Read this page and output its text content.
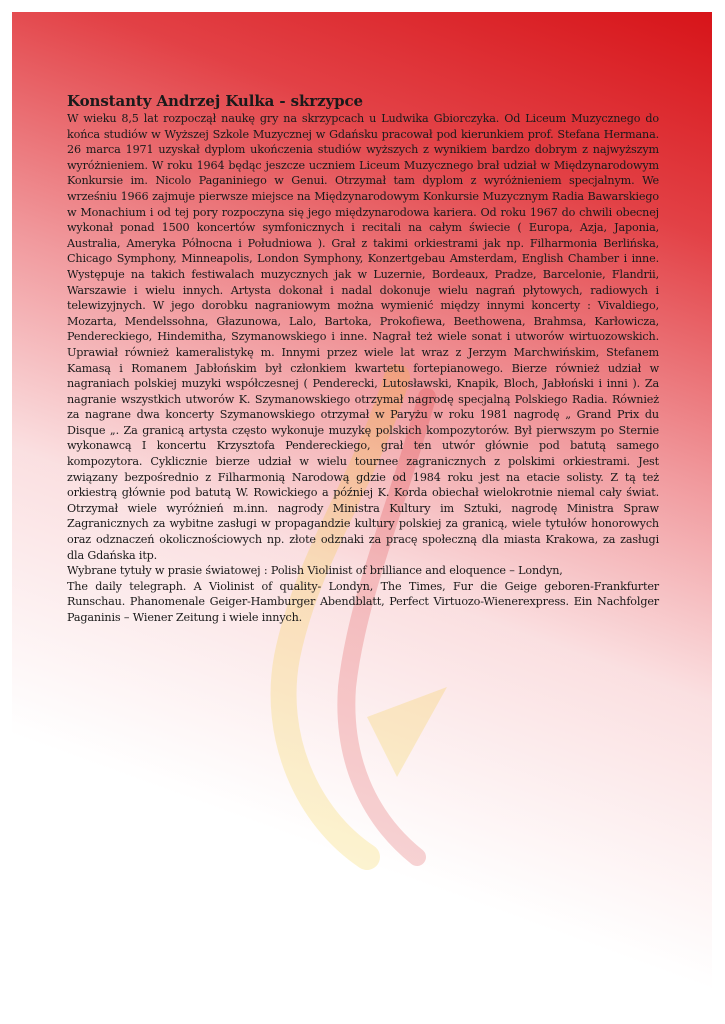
Konstanty Andrzej Kulka - skrzypce

W wieku 8,5 lat rozpoczął naukę gry na skrzypcach u Ludwika Gbiorczyka. Od Liceum Muzycznego do końca studiów w Wyższej Szkole Muzycznej w Gdańsku pracował pod kierunkiem prof. Stefana Hermana. 26 marca 1971 uzyskał dyplom ukończenia studiów wyższych z wynikiem bardzo dobrym z najwyższym wyróżnieniem. W roku 1964 będąc jeszcze uczniem Liceum Muzycznego brał udział w Międzynarodowym Konkursie im. Nicolo Paganiniego w Genui. Otrzymał tam dyplom z wyróżnieniem specjalnym. We wrześniu 1966 zajmuje pierwsze miejsce na Międzynarodowym Konkursie Muzycznym Radia Bawarskiego w Monachium i od tej pory rozpoczyna się jego międzynarodowa kariera. Od roku 1967 do chwili obecnej wykonał ponad 1500 koncertów symfonicznych i recitali na całym świecie ( Europa, Azja, Japonia, Australia, Ameryka Północna i Południowa ). Grał z takimi orkiestrami jak np. Filharmonia Berlińska, Chicago Symphony, Minneapolis, London Symphony, Konzertgebau Amsterdam, English Chamber i inne. Występuje na takich festiwalach muzycznych jak w Luzernie, Bordeaux, Pradze, Barcelonie, Flandrii, Warszawie i wielu innych. Artysta dokonał i nadal dokonuje wielu nagrań płytowych, radiowych i telewizyjnych. W jego dorobku nagraniowym można wymienić między innymi koncerty : Vivaldiego, Mozarta, Mendelssohna, Głazunowa, Lalo, Bartoka, Prokofiewa, Beethowena, Brahmsa, Karłowicza, Pendereckiego, Hindemitha, Szymanowskiego i inne. Nagrał też wiele sonat i utworów wirtuozowskich. Uprawiał również kameralistykę m. Innymi przez wiele lat wraz z Jerzym Marchwińskim, Stefanem Kamasą i Romanem Jabłońskim był członkiem kwartetu fortepianowego. Bierze również udział w nagraniach polskiej muzyki współczesnej ( Penderecki, Lutosławski, Knapik, Bloch, Jabłoński i inni ). Za nagranie wszystkich utworów K. Szymanowskiego otrzymał nagrodę specjalną Polskiego Radia. Również za nagrane dwa koncerty Szymanowskiego otrzymał w Paryżu w roku 1981 nagrodę „ Grand Prix du Disque „. Za granicą artysta często wykonuje muzykę polskich kompozytorów. Był pierwszym po Sternie wykonawcą I koncertu Krzysztofa Pendereckiego, grał ten utwór głównie pod batutą samego kompozytora. Cyklicznie bierze udział w wielu tournee zagranicznych z polskimi orkiestrami. Jest związany bezpośrednio z Filharmonią Narodową gdzie od 1984 roku jest na etacie solisty. Z tą też orkiestrą głównie pod batutą W. Rowickiego a później K. Korda obiechał wielokrotnie niemal cały świat. Otrzymał wiele wyróżnień m.inn. nagrody Ministra Kultury im Sztuki, nagrodę Ministra Spraw Zagranicznych za wybitne zasługi w propagandzie kultury polskiej za granicą, wiele tytułów honorowych oraz odznaczeń okolicznościowych np. złote odznaki za pracę społeczną dla miasta Krakowa, za zasługi dla Gdańska itp.

Wybrane tytuły w prasie światowej : Polish Violinist of brilliance and eloquence – Londyn,

The daily telegraph. A Violinist of quality- Londyn, The Times, Fur die Geige geboren-Frankfurter Runschau. Phanomenale Geiger-Hamburger Abendblatt, Perfect Virtuozo-Wienerexpress. Ein Nachfolger Paganinis – Wiener Zeitung i wiele innych.
